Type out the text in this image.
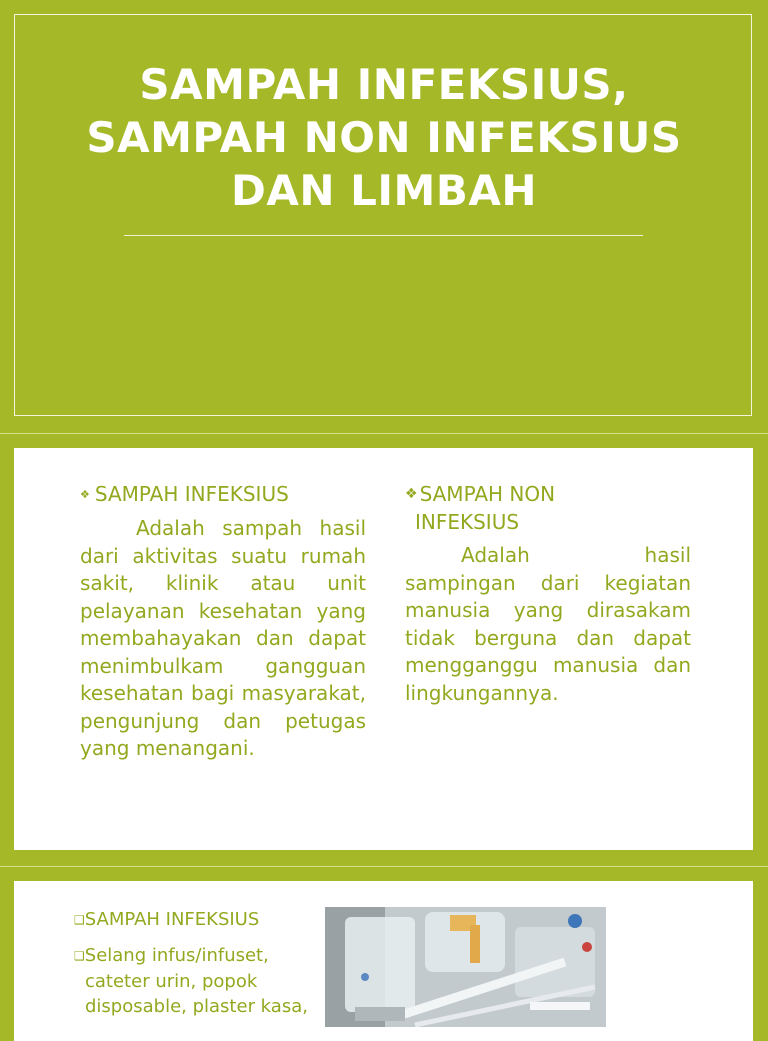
SAMPAH INFEKSIUS,
SAMPAH NON INFEKSIUS
DAN LIMBAH
❖ SAMPAH INFEKSIUS
Adalah sampah hasil dari aktivitas suatu rumah sakit, klinik atau unit pelayanan kesehatan yang membahayakan dan dapat menimbulkam gangguan kesehatan bagi masyarakat, pengunjung dan petugas yang menangani.
❖ SAMPAH NON
INFEKSIUS
Adalah hasil sampingan dari kegiatan manusia yang dirasakam tidak berguna dan dapat mengganggu manusia dan lingkungannya.
❑SAMPAH INFEKSIUS
❑Selang infus/infuset, cateter urin, popok disposable, plaster kasa,
